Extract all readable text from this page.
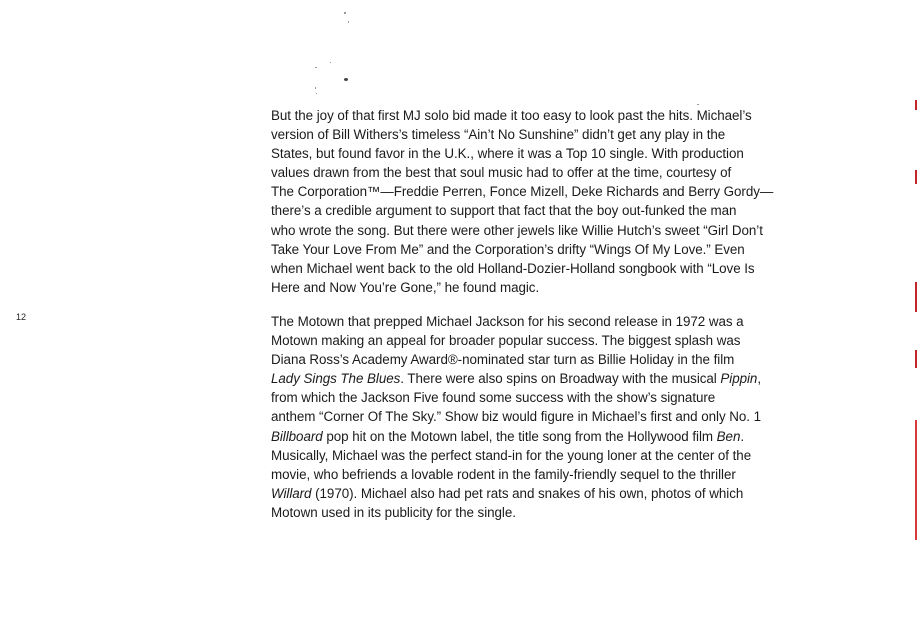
12

But the joy of that first MJ solo bid made it too easy to look past the hits. Michael’s
version of Bill Withers’s timeless “Ain’t No Sunshine” didn’t get any play in the
States, but found favor in the U.K., where it was a Top 10 single. With production
values drawn from the best that soul music had to offer at the time, courtesy of
The Corporation™—Freddie Perren, Fonce Mizell, Deke Richards and Berry Gordy—
there’s a credible argument to support that fact that the boy out-funked the man
who wrote the song. But there were other jewels like Willie Hutch’s sweet “Girl Don’t
Take Your Love From Me” and the Corporation’s drifty “Wings Of My Love.” Even
when Michael went back to the old Holland-Dozier-Holland songbook with “Love Is
Here and Now You’re Gone,” he found magic.

The Motown that prepped Michael Jackson for his second release in 1972 was a
Motown making an appeal for broader popular success. The biggest splash was
Diana Ross’s Academy Award®-nominated star turn as Billie Holiday in the film
Lady Sings The Blues. There were also spins on Broadway with the musical Pippin,
from which the Jackson Five found some success with the show’s signature
anthem “Corner Of The Sky.” Show biz would figure in Michael’s first and only No. 1
Billboard pop hit on the Motown label, the title song from the Hollywood film Ben.
Musically, Michael was the perfect stand-in for the young loner at the center of the
movie, who befriends a lovable rodent in the family-friendly sequel to the thriller
Willard (1970). Michael also had pet rats and snakes of his own, photos of which
Motown used in its publicity for the single.
